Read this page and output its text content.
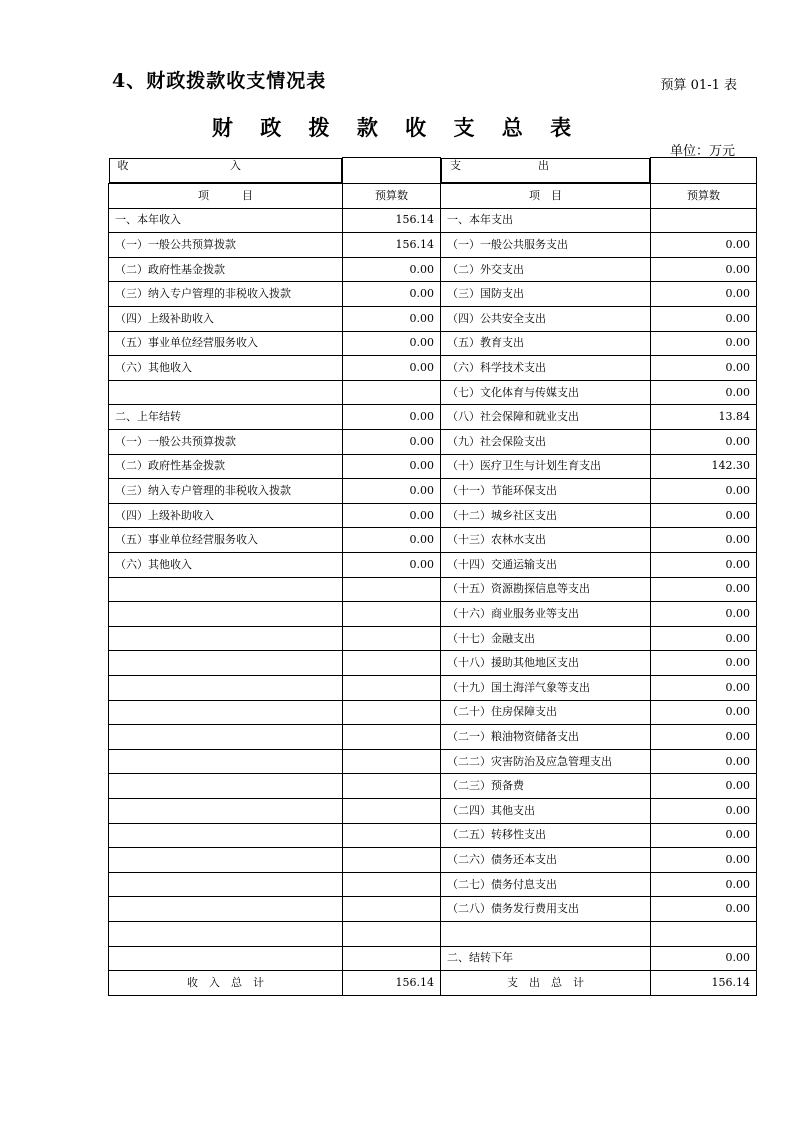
4、财政拨款收支情况表	预算 01-1 表
财 政 拨 款 收 支 总 表
单位：万元
收	入
		支	出

项　　　目	预算数	项　目	预算数
一、本年收入	156.14	一、本年支出	
（一）一般公共预算拨款	156.14	（一）一般公共服务支出	0.00
（二）政府性基金拨款	0.00	（二）外交支出	0.00
（三）纳入专户管理的非税收入拨款	0.00	（三）国防支出	0.00
（四）上级补助收入	0.00	（四）公共安全支出	0.00
（五）事业单位经营服务收入	0.00	（五）教育支出	0.00
（六）其他收入	0.00	（六）科学技术支出	0.00
		（七）文化体育与传媒支出	0.00
二、上年结转	0.00	（八）社会保障和就业支出	13.84
（一）一般公共预算拨款	0.00	（九）社会保险支出	0.00
（二）政府性基金拨款	0.00	（十）医疗卫生与计划生育支出	142.30
（三）纳入专户管理的非税收入拨款	0.00	（十一）节能环保支出	0.00
（四）上级补助收入	0.00	（十二）城乡社区支出	0.00
（五）事业单位经营服务收入	0.00	（十三）农林水支出	0.00
（六）其他收入	0.00	（十四）交通运输支出	0.00
		（十五）资源勘探信息等支出	0.00
		（十六）商业服务业等支出	0.00
		（十七）金融支出	0.00
		（十八）援助其他地区支出	0.00
		（十九）国土海洋气象等支出	0.00
		（二十）住房保障支出	0.00
		（二一）粮油物资储备支出	0.00
		（二二）灾害防治及应急管理支出	0.00
		（二三）预备费	0.00
		（二四）其他支出	0.00
		（二五）转移性支出	0.00
		（二六）债务还本支出	0.00
		（二七）债务付息支出	0.00
		（二八）债务发行费用支出	0.00

		二、结转下年	0.00
收　入　总　计	156.14	支　出　总　计	156.14
